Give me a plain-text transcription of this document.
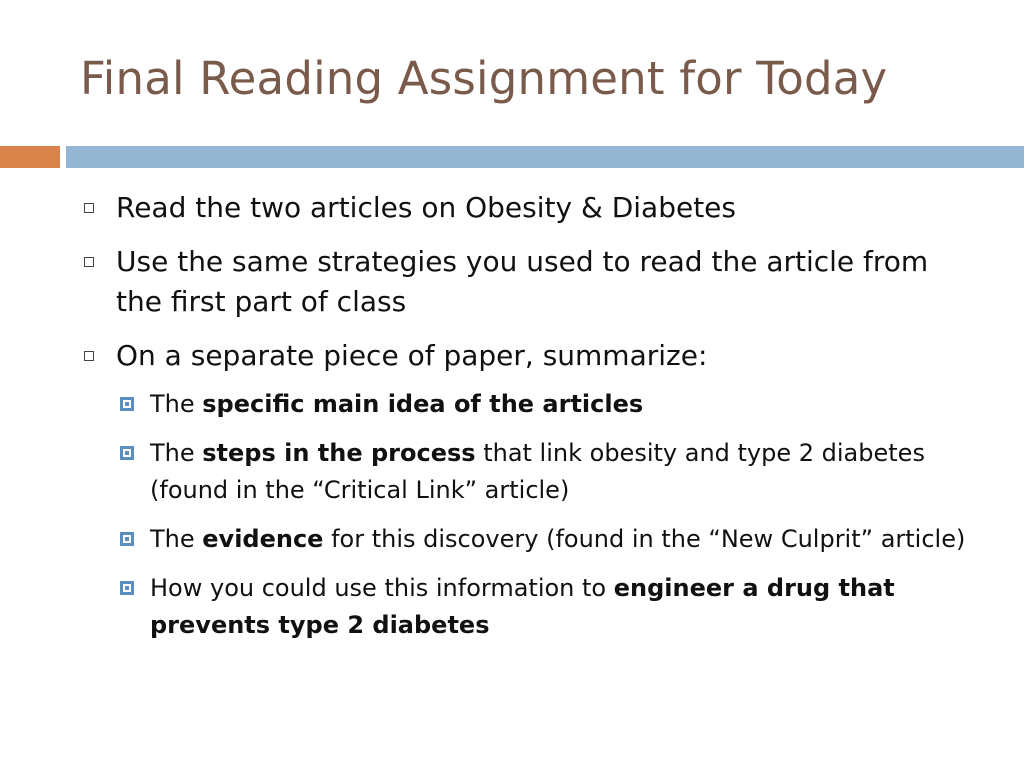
Final Reading Assignment for Today
Read the two articles on Obesity & Diabetes
Use the same strategies you used to read the article from the first part of class
On a separate piece of paper, summarize:
The specific main idea of the articles
The steps in the process that link obesity and type 2 diabetes (found in the “Critical Link” article)
The evidence for this discovery (found in the “New Culprit” article)
How you could use this information to engineer a drug that prevents type 2 diabetes
